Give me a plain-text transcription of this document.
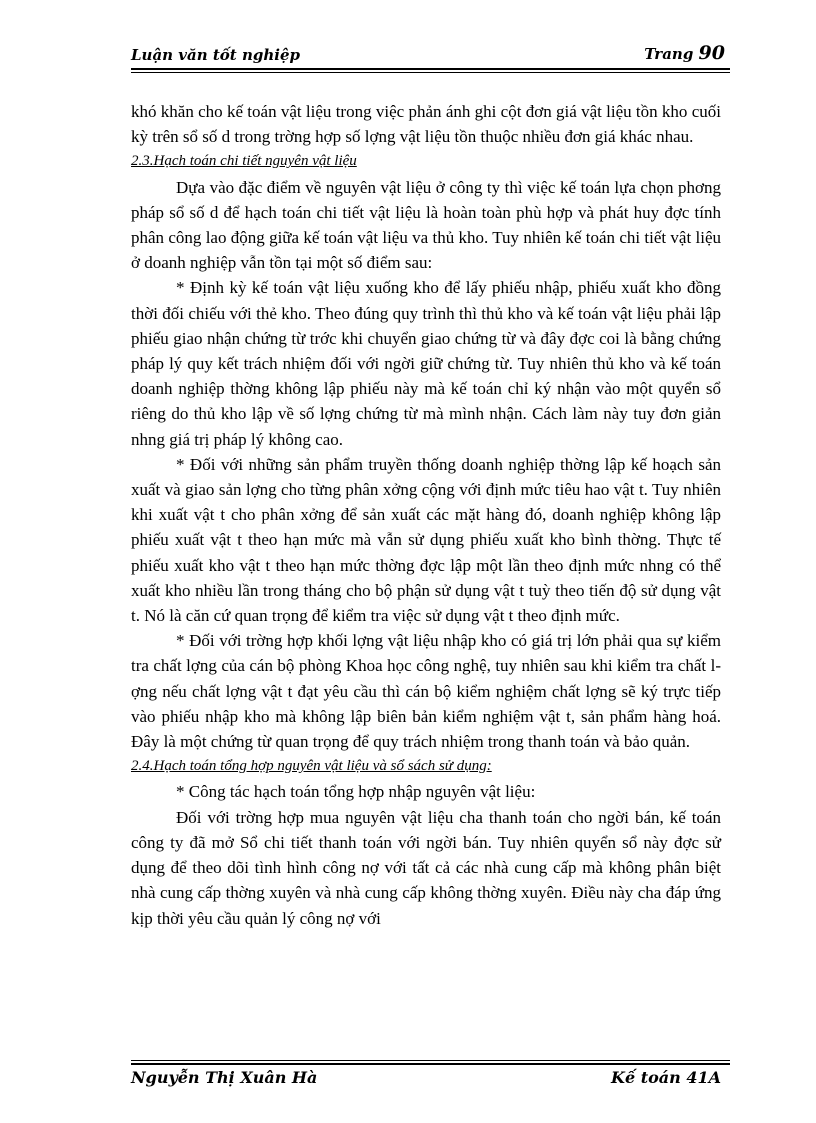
Luận văn tốt nghiệp	Trang 90

khó khăn cho kế toán vật liệu trong việc phản ánh ghi cột đơn giá vật liệu tồn kho cuối kỳ trên sổ số d trong trờng hợp số lợng vật liệu tồn thuộc nhiều đơn giá khác nhau.

2.3.Hạch toán chi tiết nguyên vật liệu

Dựa vào đặc điểm về nguyên vật liệu ở công ty thì việc kế toán lựa chọn phơng pháp sổ số d để hạch toán chi tiết vật liệu là hoàn toàn phù hợp và phát huy đợc tính phân công lao động giữa kế toán vật liệu va thủ kho. Tuy nhiên kế toán chi tiết vật liệu ở doanh nghiệp vẫn tồn tại một số điểm sau:

* Định kỳ kế toán vật liệu xuống kho để lấy phiếu nhập, phiếu xuất kho đồng thời đối chiếu với thẻ kho. Theo đúng quy trình thì thủ kho và kế toán vật liệu phải lập phiếu giao nhận chứng từ trớc khi chuyển giao chứng từ và đây đợc coi là bằng chứng pháp lý quy kết trách nhiệm đối với ngời giữ chứng từ. Tuy nhiên thủ kho và kế toán doanh nghiệp thờng không lập phiếu này mà kế toán chỉ ký nhận vào một quyển sổ riêng do thủ kho lập về số lợng chứng từ mà mình nhận. Cách làm này tuy đơn giản nhng giá trị pháp lý không cao.

* Đối với những sản phẩm truyền thống doanh nghiệp thờng lập kế hoạch sản xuất và giao sản lợng cho từng phân xởng cộng với định mức tiêu hao vật t. Tuy nhiên khi xuất vật t cho phân xởng để sản xuất các mặt hàng đó, doanh nghiệp không lập phiếu xuất vật t theo hạn mức mà vẫn sử dụng phiếu xuất kho bình thờng. Thực tế phiếu xuất kho vật t theo hạn mức thờng đợc lập một lần theo định mức nhng có thể xuất kho nhiều lần trong tháng cho bộ phận sử dụng vật t tuỳ theo tiến độ sử dụng vật t. Nó là căn cứ quan trọng để kiểm tra việc sử dụng vật t theo định mức.

* Đối với trờng hợp khối lợng vật liệu nhập kho có giá trị lớn phải qua sự kiểm tra chất lợng của cán bộ phòng Khoa học công nghệ, tuy nhiên sau khi kiểm tra chất lợng nếu chất lợng vật t đạt yêu cầu thì cán bộ kiểm nghiệm chất lợng sẽ ký trực tiếp vào phiếu nhập kho mà không lập biên bản kiểm nghiệm vật t, sản phẩm hàng hoá. Đây là một chứng từ quan trọng để quy trách nhiệm trong thanh toán và bảo quản.

2.4.Hạch toán tổng hợp nguyên vật liệu và sổ sách sử dụng:

* Công tác hạch toán tổng hợp nhập nguyên vật liệu:

Đối với trờng hợp mua nguyên vật liệu cha thanh toán cho ngời bán, kế toán công ty đã mở Sổ chi tiết thanh toán với ngời bán. Tuy nhiên quyển sổ này đợc sử dụng để theo dõi tình hình công nợ với tất cả các nhà cung cấp mà không phân biệt nhà cung cấp thờng xuyên và nhà cung cấp không thờng xuyên. Điều này cha đáp ứng kịp thời yêu cầu quản lý công nợ với

Nguyễn Thị Xuân Hà	Kế toán 41A
